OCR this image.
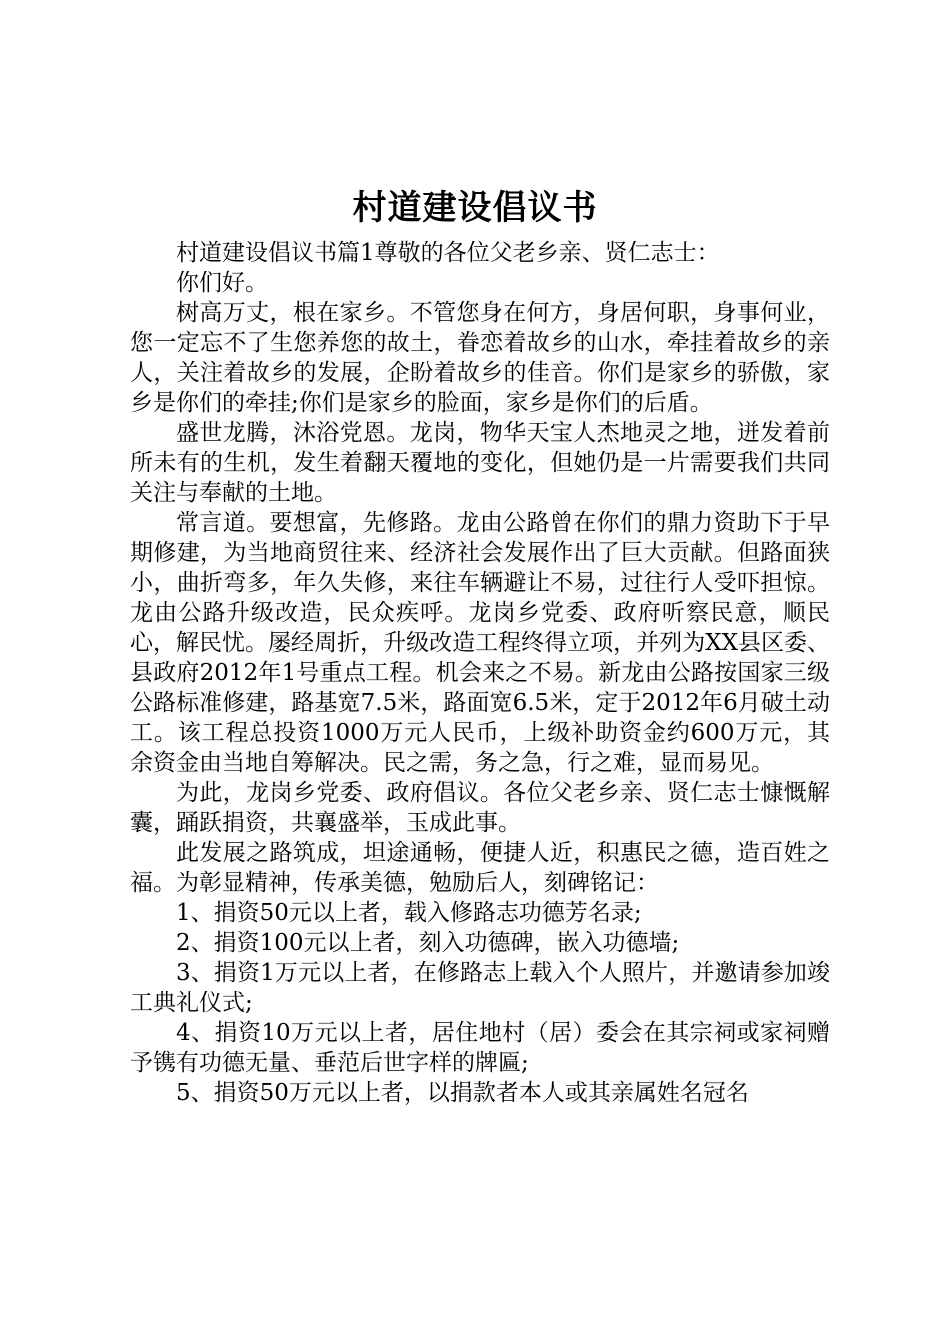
村道建设倡议书

村道建设倡议书篇1尊敬的各位父老乡亲、贤仁志士：

你们好。

树高万丈，根在家乡。不管您身在何方，身居何职，身事何业，您一定忘不了生您养您的故土，眷恋着故乡的山水，牵挂着故乡的亲人，关注着故乡的发展，企盼着故乡的佳音。你们是家乡的骄傲，家乡是你们的牵挂;你们是家乡的脸面，家乡是你们的后盾。

盛世龙腾，沐浴党恩。龙岗，物华天宝人杰地灵之地，迸发着前所未有的生机，发生着翻天覆地的变化，但她仍是一片需要我们共同关注与奉献的土地。

常言道。要想富，先修路。龙由公路曾在你们的鼎力资助下于早期修建，为当地商贸往来、经济社会发展作出了巨大贡献。但路面狭小，曲折弯多，年久失修，来往车辆避让不易，过往行人受吓担惊。龙由公路升级改造，民众疾呼。龙岗乡党委、政府听察民意，顺民心，解民忧。屡经周折，升级改造工程终得立项，并列为XX县区委、县政府2012年1号重点工程。机会来之不易。新龙由公路按国家三级公路标准修建，路基宽7.5米，路面宽6.5米，定于2012年6月破土动工。该工程总投资1000万元人民币，上级补助资金约600万元，其余资金由当地自筹解决。民之需，务之急，行之难，显而易见。

为此，龙岗乡党委、政府倡议。各位父老乡亲、贤仁志士慷慨解囊，踊跃捐资，共襄盛举，玉成此事。

此发展之路筑成，坦途通畅，便捷人近，积惠民之德，造百姓之福。为彰显精神，传承美德，勉励后人，刻碑铭记：

1、捐资50元以上者，载入修路志功德芳名录;

2、捐资100元以上者，刻入功德碑，嵌入功德墙;

3、捐资1万元以上者，在修路志上载入个人照片，并邀请参加竣工典礼仪式;

4、捐资10万元以上者，居住地村（居）委会在其宗祠或家祠赠予镌有功德无量、垂范后世字样的牌匾;

5、捐资50万元以上者，以捐款者本人或其亲属姓名冠名
